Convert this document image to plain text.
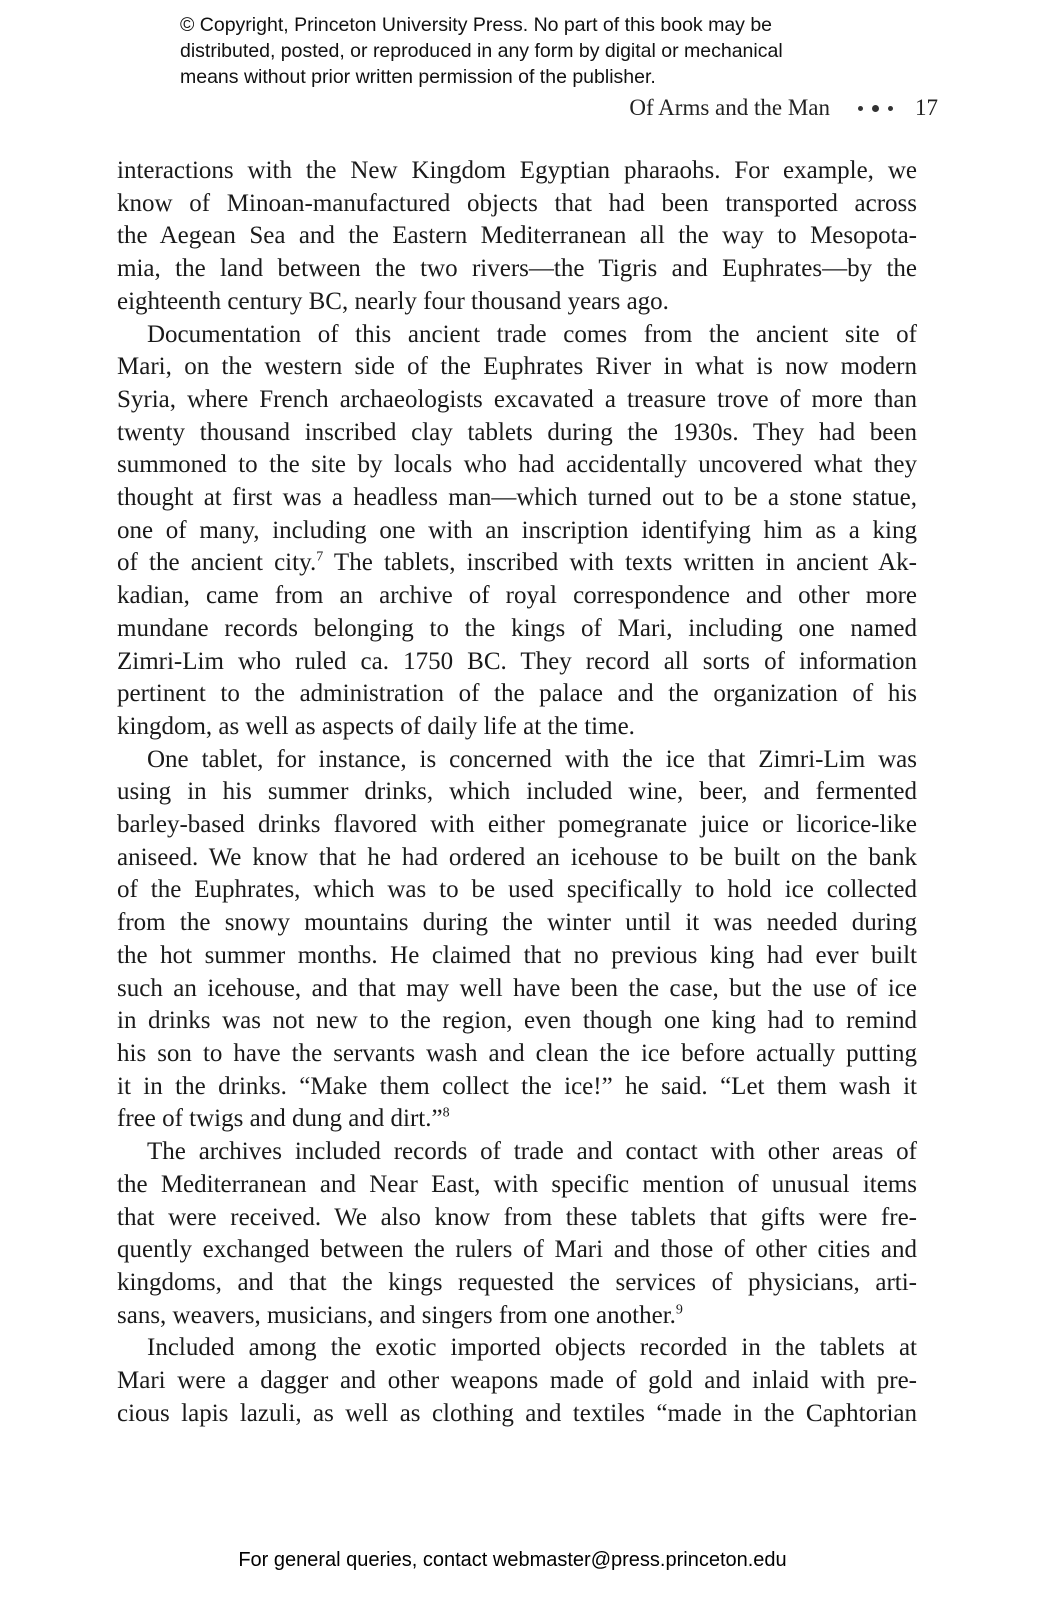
© Copyright, Princeton University Press. No part of this book may be
distributed, posted, or reproduced in any form by digital or mechanical
means without prior written permission of the publisher.
Of Arms and the Man	17

interactions with the New Kingdom Egyptian pharaohs. For example, we
know of Minoan-manufactured objects that had been transported across
the Aegean Sea and the Eastern Mediterranean all the way to Mesopota-
mia, the land between the two rivers—the Tigris and Euphrates—by the
eighteenth century BC, nearly four thousand years ago.

Documentation of this ancient trade comes from the ancient site of
Mari, on the western side of the Euphrates River in what is now modern
Syria, where French archaeologists excavated a treasure trove of more than
twenty thousand inscribed clay tablets during the 1930s. They had been
summoned to the site by locals who had accidentally uncovered what they
thought at first was a headless man—which turned out to be a stone statue,
one of many, including one with an inscription identifying him as a king
of the ancient city.$^7$ The tablets, inscribed with texts written in ancient Ak-
kadian, came from an archive of royal correspondence and other more
mundane records belonging to the kings of Mari, including one named
Zimri-Lim who ruled ca. 1750 BC. They record all sorts of information
pertinent to the administration of the palace and the organization of his
kingdom, as well as aspects of daily life at the time.

One tablet, for instance, is concerned with the ice that Zimri-Lim was
using in his summer drinks, which included wine, beer, and fermented
barley-based drinks flavored with either pomegranate juice or licorice-like
aniseed. We know that he had ordered an icehouse to be built on the bank
of the Euphrates, which was to be used specifically to hold ice collected
from the snowy mountains during the winter until it was needed during
the hot summer months. He claimed that no previous king had ever built
such an icehouse, and that may well have been the case, but the use of ice
in drinks was not new to the region, even though one king had to remind
his son to have the servants wash and clean the ice before actually putting
it in the drinks. “Make them collect the ice!” he said. “Let them wash it
free of twigs and dung and dirt.”$^8$

The archives included records of trade and contact with other areas of
the Mediterranean and Near East, with specific mention of unusual items
that were received. We also know from these tablets that gifts were fre-
quently exchanged between the rulers of Mari and those of other cities and
kingdoms, and that the kings requested the services of physicians, arti-
sans, weavers, musicians, and singers from one another.$^9$

Included among the exotic imported objects recorded in the tablets at
Mari were a dagger and other weapons made of gold and inlaid with pre-
cious lapis lazuli, as well as clothing and textiles “made in the Caphtorian

For general queries, contact webmaster@press.princeton.edu
